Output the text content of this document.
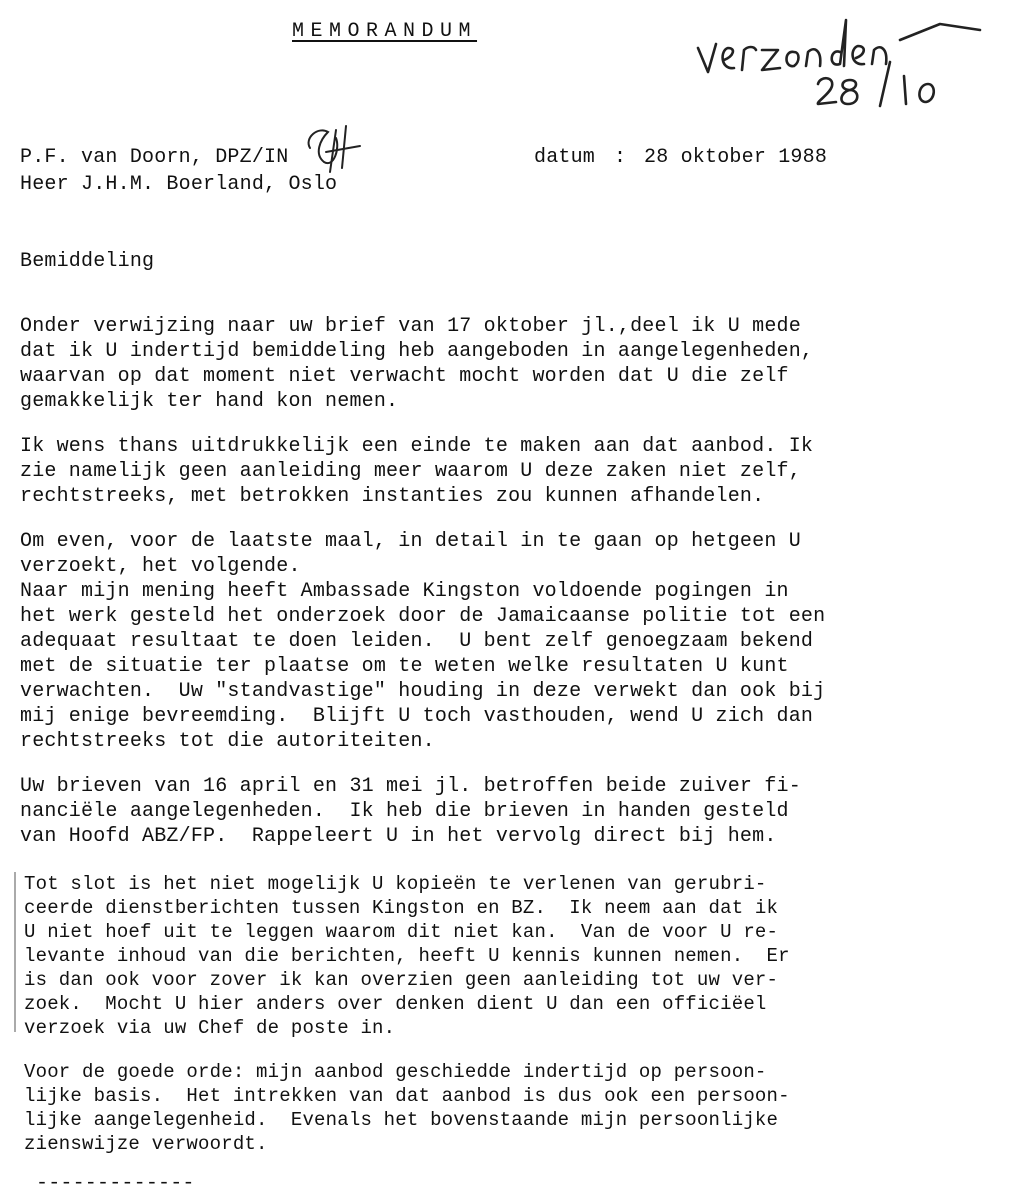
MEMORANDUM
P.F. van Doorn, DPZ/IN	datum : 28 oktober 1988
Heer J.H.M. Boerland, Oslo
Bemiddeling
Onder verwijzing naar uw brief van 17 oktober jl.,deel ik U mede
dat ik U indertijd bemiddeling heb aangeboden in aangelegenheden,
waarvan op dat moment niet verwacht mocht worden dat U die zelf
gemakkelijk ter hand kon nemen.
Ik wens thans uitdrukkelijk een einde te maken aan dat aanbod. Ik
zie namelijk geen aanleiding meer waarom U deze zaken niet zelf,
rechtstreeks, met betrokken instanties zou kunnen afhandelen.
Om even, voor de laatste maal, in detail in te gaan op hetgeen U
verzoekt, het volgende.
Naar mijn mening heeft Ambassade Kingston voldoende pogingen in
het werk gesteld het onderzoek door de Jamaicaanse politie tot een
adequaat resultaat te doen leiden.  U bent zelf genoegzaam bekend
met de situatie ter plaatse om te weten welke resultaten U kunt
verwachten.  Uw "standvastige" houding in deze verwekt dan ook bij
mij enige bevreemding.  Blijft U toch vasthouden, wend U zich dan
rechtstreeks tot die autoriteiten.
Uw brieven van 16 april en 31 mei jl. betroffen beide zuiver fi-
nanciële aangelegenheden.  Ik heb die brieven in handen gesteld
van Hoofd ABZ/FP.  Rappeleert U in het vervolg direct bij hem.
Tot slot is het niet mogelijk U kopieën te verlenen van gerubri-
ceerde dienstberichten tussen Kingston en BZ.  Ik neem aan dat ik
U niet hoef uit te leggen waarom dit niet kan.  Van de voor U re-
levante inhoud van die berichten, heeft U kennis kunnen nemen.  Er
is dan ook voor zover ik kan overzien geen aanleiding tot uw ver-
zoek.  Mocht U hier anders over denken dient U dan een officiëel
verzoek via uw Chef de poste in.
Voor de goede orde: mijn aanbod geschiedde indertijd op persoon-
lijke basis.  Het intrekken van dat aanbod is dus ook een persoon-
lijke aangelegenheid.  Evenals het bovenstaande mijn persoonlijke
zienswijze verwoordt.
-------------
